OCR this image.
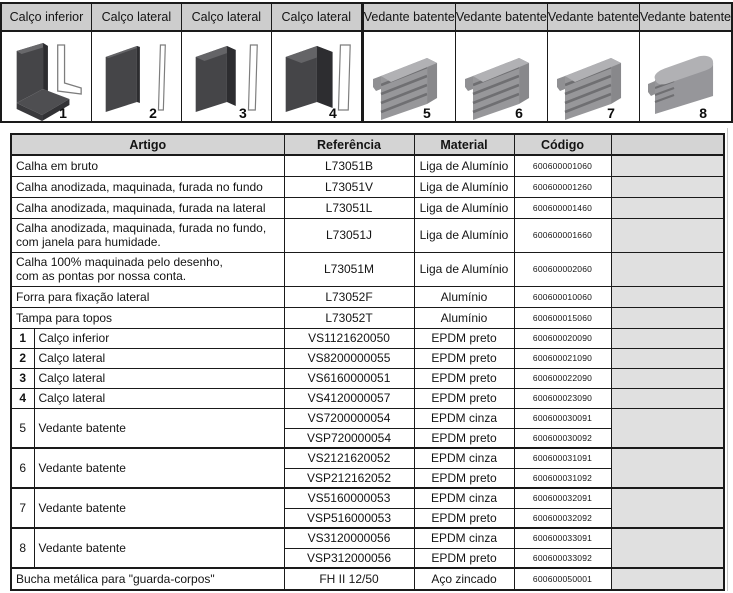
Calço inferior	Calço lateral	Calço lateral	Calço lateral	Vedante batente Vedante batente Vedante batente Vedante batente
1	2	3	4	5	6	7	8
Artigo		Referência	Material	Código	
Calha em bruto		L73051B	Liga de Alumínio	600600001060	
Calha anodizada, maquinada, furada no fundo		L73051V	Liga de Alumínio	600600001260	
Calha anodizada, maquinada, furada na lateral		L73051L	Liga de Alumínio	600600001460	

Calha anodizada, maquinada, furada no fundo,
com janela para humidade.		L73051J	Liga de Alumínio	600600001660	

Calha 100% maquinada pelo desenho,
com as pontas por nossa conta.		L73051M	Liga de Alumínio	600600002060	
Forra para fixação lateral		L73052F	Alumínio	600600010060	
Tampa para topos		L73052T	Alumínio	600600015060	
1	Calço inferior	VS1121620050	EPDM preto	600600020090	
2	Calço lateral	VS8200000055	EPDM preto	600600021090	
3	Calço lateral	VS6160000051	EPDM preto	600600022090	
4	Calço lateral	VS4120000057	EPDM preto	600600023090	
5	Vedante batente	VS7200000054	EPDM cinza	600600030091	
		VSP720000054	EPDM preto	600600030092	
6	Vedante batente	VS2121620052	EPDM cinza	600600031091	
		VSP212162052	EPDM preto	600600031092	
7	Vedante batente	VS5160000053	EPDM cinza	600600032091	
		VSP516000053	EPDM preto	600600032092	
8	Vedante batente	VS3120000056	EPDM cinza	600600033091	
		VSP312000056	EPDM preto	600600033092	
Bucha metálica para "guarda-corpos"		FH II 12/50	Aço zincado	600600050001	
